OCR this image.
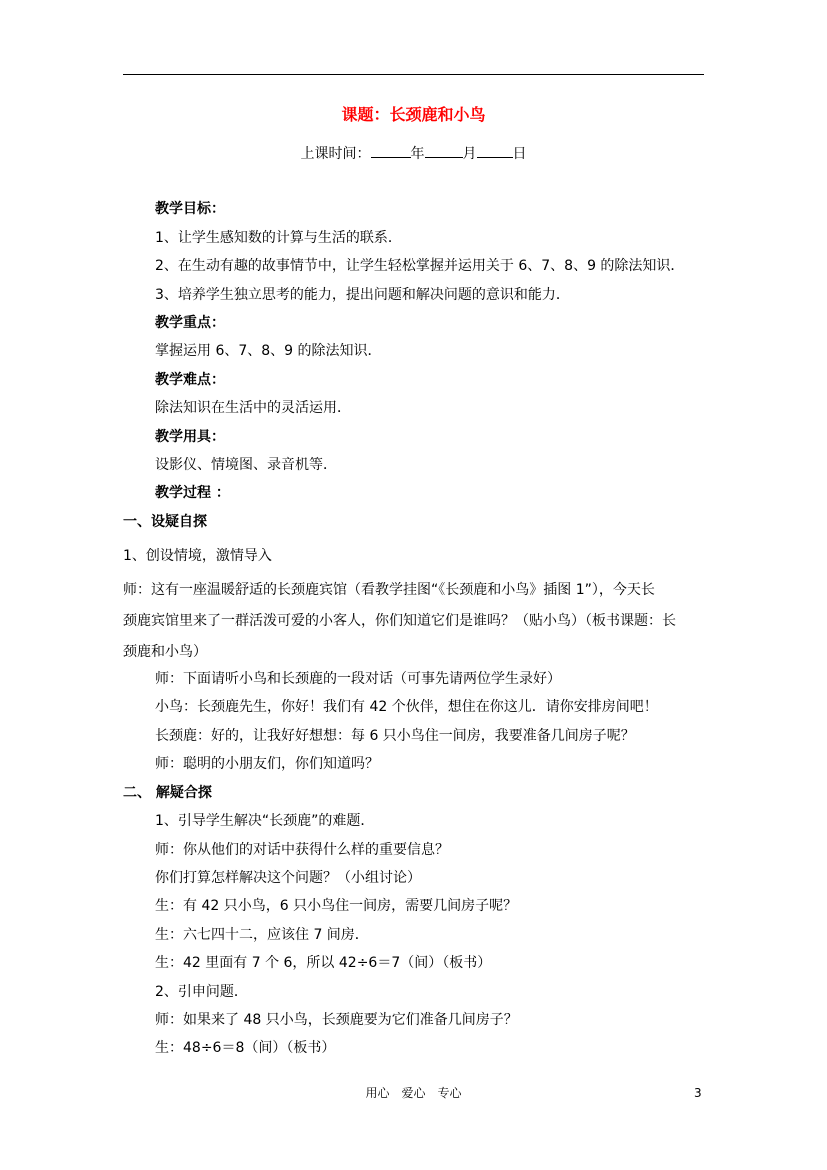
课题：长颈鹿和小鸟
上课时间：	年	月	日
教学目标：
1、让学生感知数的计算与生活的联系．
2、在生动有趣的故事情节中，让学生轻松掌握并运用关于 6、7、8、9 的除法知识．
3、培养学生独立思考的能力，提出问题和解决问题的意识和能力．
教学重点：
掌握运用 6、7、8、9 的除法知识．
教学难点：
除法知识在生活中的灵活运用．
教学用具：
设影仪、情境图、录音机等．
教学过程 ：
一、设疑自探
1、创设情境，激情导入
师：这有一座温暖舒适的长颈鹿宾馆（看教学挂图“《长颈鹿和小鸟》插图 1”），今天长
颈鹿宾馆里来了一群活泼可爱的小客人，你们知道它们是谁吗？（贴小鸟）（板书课题：长
颈鹿和小鸟）
师：下面请听小鸟和长颈鹿的一段对话（可事先请两位学生录好）
小鸟：长颈鹿先生，你好！我们有 42 个伙伴，想住在你这儿．请你安排房间吧！
长颈鹿：好的，让我好好想想：每 6 只小鸟住一间房，我要准备几间房子呢？
师：聪明的小朋友们，你们知道吗？
二、 解疑合探
1、引导学生解决“长颈鹿”的难题．
师：你从他们的对话中获得什么样的重要信息？
你们打算怎样解决这个问题？（小组讨论）
生：有 42 只小鸟，6 只小鸟住一间房，需要几间房子呢？
生：六七四十二，应该住 7 间房．
生：42 里面有 7 个 6，所以 42÷6＝7（间）（板书）
2、引申问题．
师：如果来了 48 只小鸟，长颈鹿要为它们准备几间房子？
生：48÷6＝8（间）（板书）
用心　爱心　专心	3
